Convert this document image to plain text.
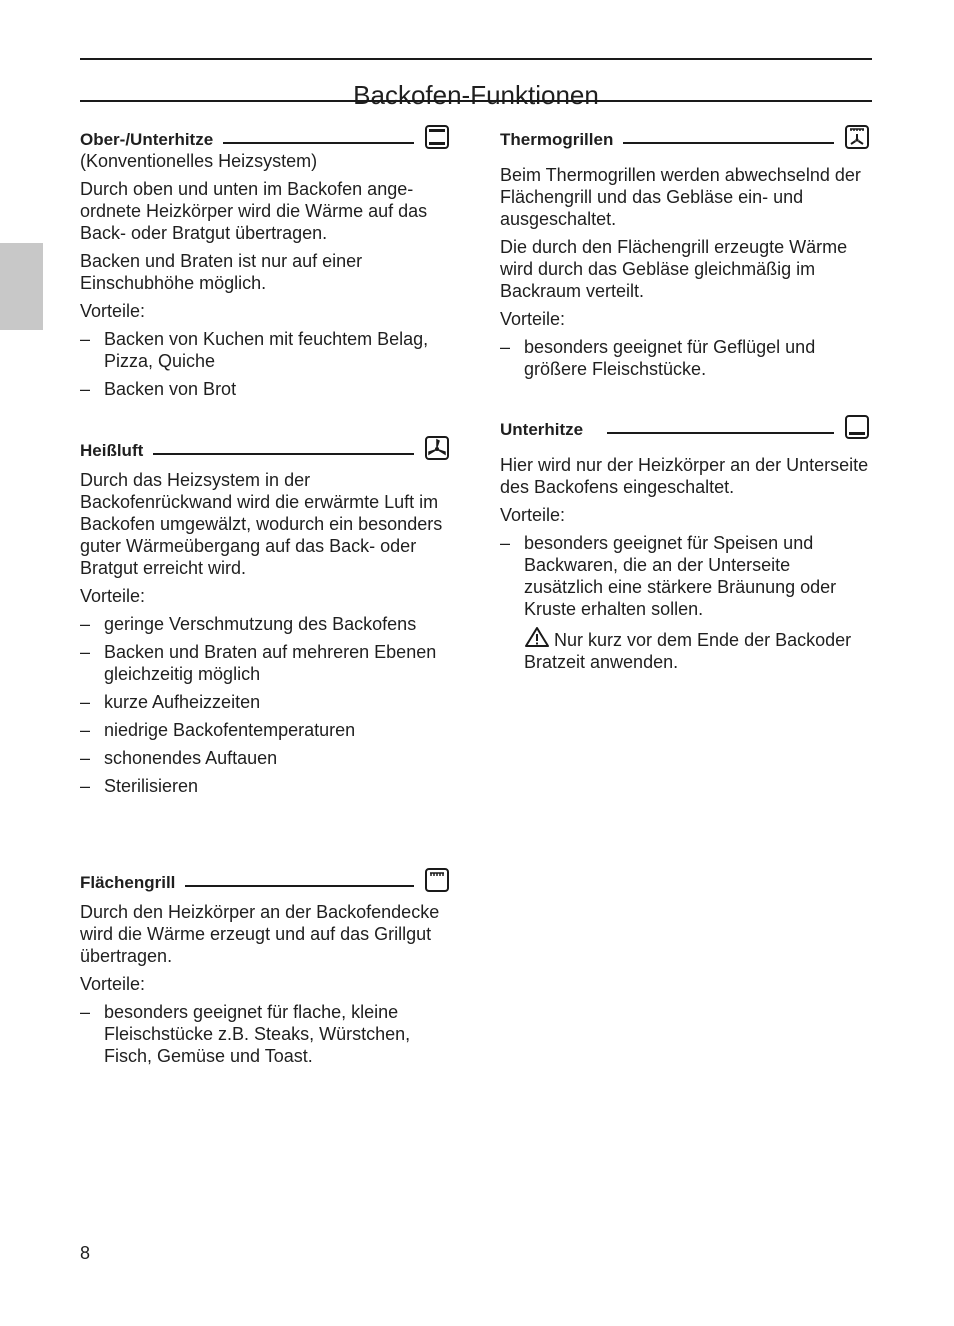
Backofen-Funktionen
Ober-/Unterhitze

(Konventionelles Heizsystem)

Durch oben und unten im Backofen angeordnete Heizkörper wird die Wärme auf das Back- oder Bratgut übertragen.

Backen und Braten ist nur auf einer Einschubhöhe möglich.

Vorteile:

– Backen von Kuchen mit feuchtem Belag, Pizza, Quiche
– Backen von Brot
Heißluft

Durch das Heizsystem in der Backofenrückwand wird die erwärmte Luft im Backofen umgewälzt, wodurch ein besonders guter Wärmeübergang auf das Back- oder Bratgut erreicht wird.

Vorteile:

– geringe Verschmutzung des Backofens
– Backen und Braten auf mehreren Ebenen gleichzeitig möglich
– kurze Aufheizzeiten
– niedrige Backofentemperaturen
– schonendes Auftauen
– Sterilisieren
Flächengrill

Durch den Heizkörper an der Backofendecke wird die Wärme erzeugt und auf das Grillgut übertragen.

Vorteile:

– besonders geeignet für flache, kleine Fleischstücke z.B. Steaks, Würstchen, Fisch, Gemüse und Toast.
Thermogrillen

Beim Thermogrillen werden abwechselnd der Flächengrill und das Gebläse ein- und ausgeschaltet.

Die durch den Flächengrill erzeugte Wärme wird durch das Gebläse gleichmäßig im Backraum verteilt.

Vorteile:

– besonders geeignet für Geflügel und größere Fleischstücke.
Unterhitze

Hier wird nur der Heizkörper an der Unterseite des Backofens eingeschaltet.

Vorteile:

– besonders geeignet für Speisen und Backwaren, die an der Unterseite zusätzlich eine stärkere Bräunung oder Kruste erhalten sollen.
Nur kurz vor dem Ende der Backoder Bratzeit anwenden.
8
